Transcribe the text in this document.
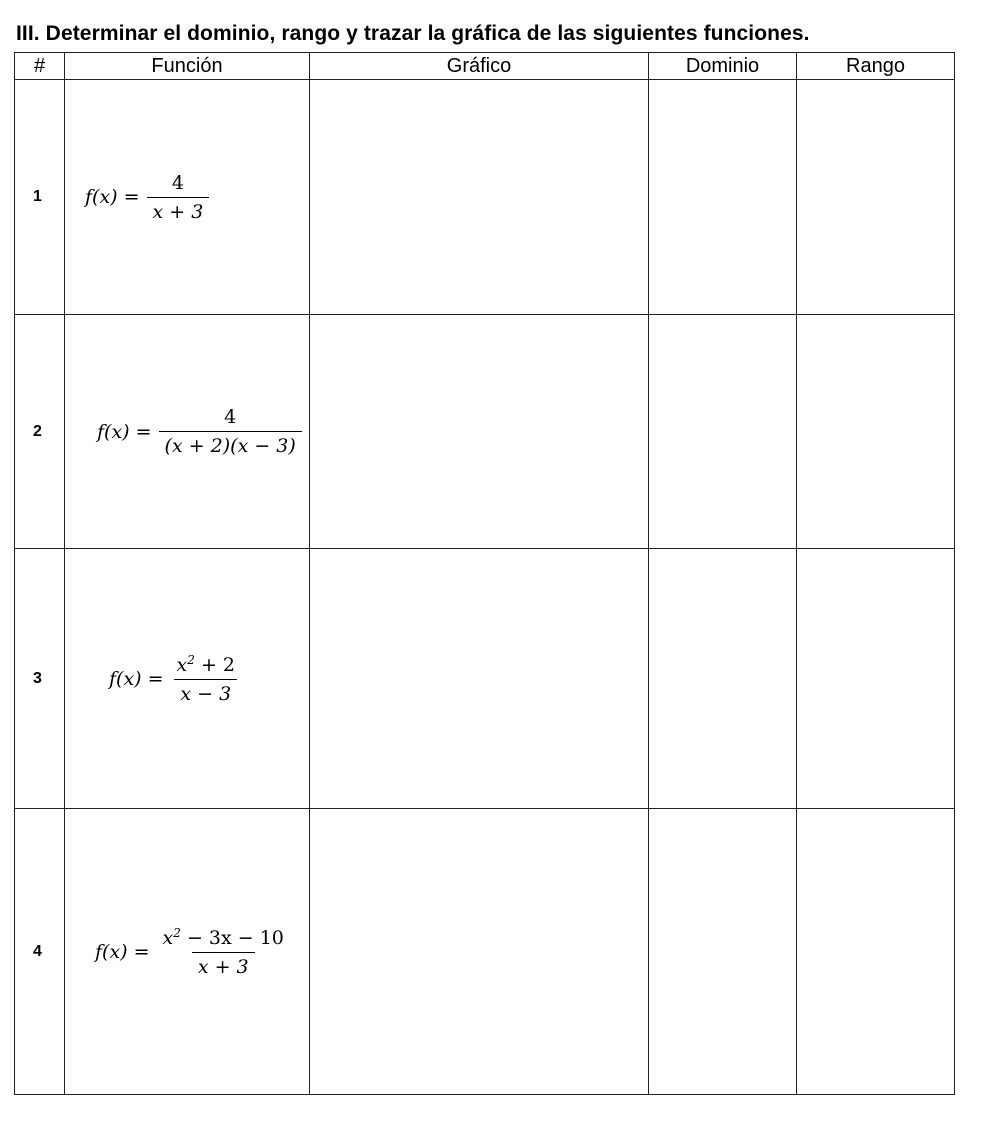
III. Determinar el dominio, rango y trazar la gráfica de las siguientes funciones.
#	Función	Gráfico	Dominio	Rango
1	$f(x) = \frac{4}{x + 3}$

2	$f(x) = \frac{4}{(x + 2)(x - 3)}$

3	$f(x) = \frac{x^2 + 2}{x - 3}$

4	$f(x) = \frac{x^2 - 3x - 10}{x + 3}$
